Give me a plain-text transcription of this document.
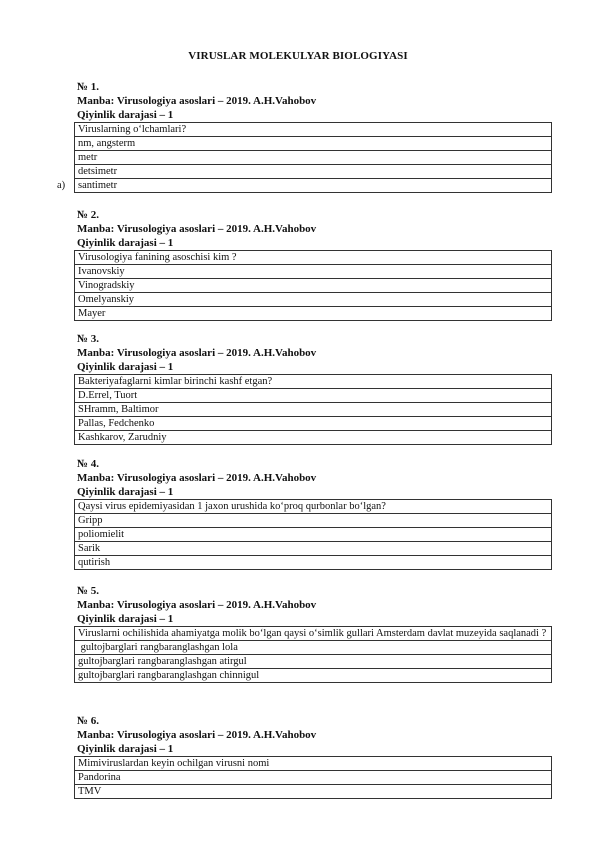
VIRUSLAR MOLEKULYAR BIOLOGIYASI
№ 1.
Manba: Virusologiya asoslari – 2019. A.H.Vahobov
Qiyinlik darajasi – 1
Viruslarning o‘lchamlari?
nm, angsterm
metr
detsimetr

a) santimetr
№ 2.
Manba: Virusologiya asoslari – 2019. A.H.Vahobov
Qiyinlik darajasi – 1
Virusologiya fanining asoschisi kim ?
Ivanovskiy
Vinogradskiy
Omelyanskiy
Mayer
№ 3.
Manba: Virusologiya asoslari – 2019. A.H.Vahobov
Qiyinlik darajasi – 1
Bakteriyafaglarni kimlar birinchi kashf etgan?
D.Errel, Tuort
SHramm, Baltimor
Pallas, Fedchenko
Kashkarov, Zarudniy
№ 4.
Manba: Virusologiya asoslari – 2019. A.H.Vahobov
Qiyinlik darajasi – 1
Qaysi virus epidemiyasidan 1 jaxon urushida ko‘proq qurbonlar bo‘lgan?
Gripp
poliomielit
Sarik
qutirish
№ 5.
Manba: Virusologiya asoslari – 2019. A.H.Vahobov
Qiyinlik darajasi – 1
Viruslarni ochilishida ahamiyatga molik bo‘lgan qaysi o‘simlik gullari Amsterdam davlat muzeyida saqlanadi ?
gultojbarglari rangbaranglashgan lola
gultojbarglari rangbaranglashgan atirgul
gultojbarglari rangbaranglashgan chinnigul
№ 6.
Manba: Virusologiya asoslari – 2019. A.H.Vahobov
Qiyinlik darajasi – 1
Mimiviruslardan keyin ochilgan virusni nomi
Pandorina
TMV
